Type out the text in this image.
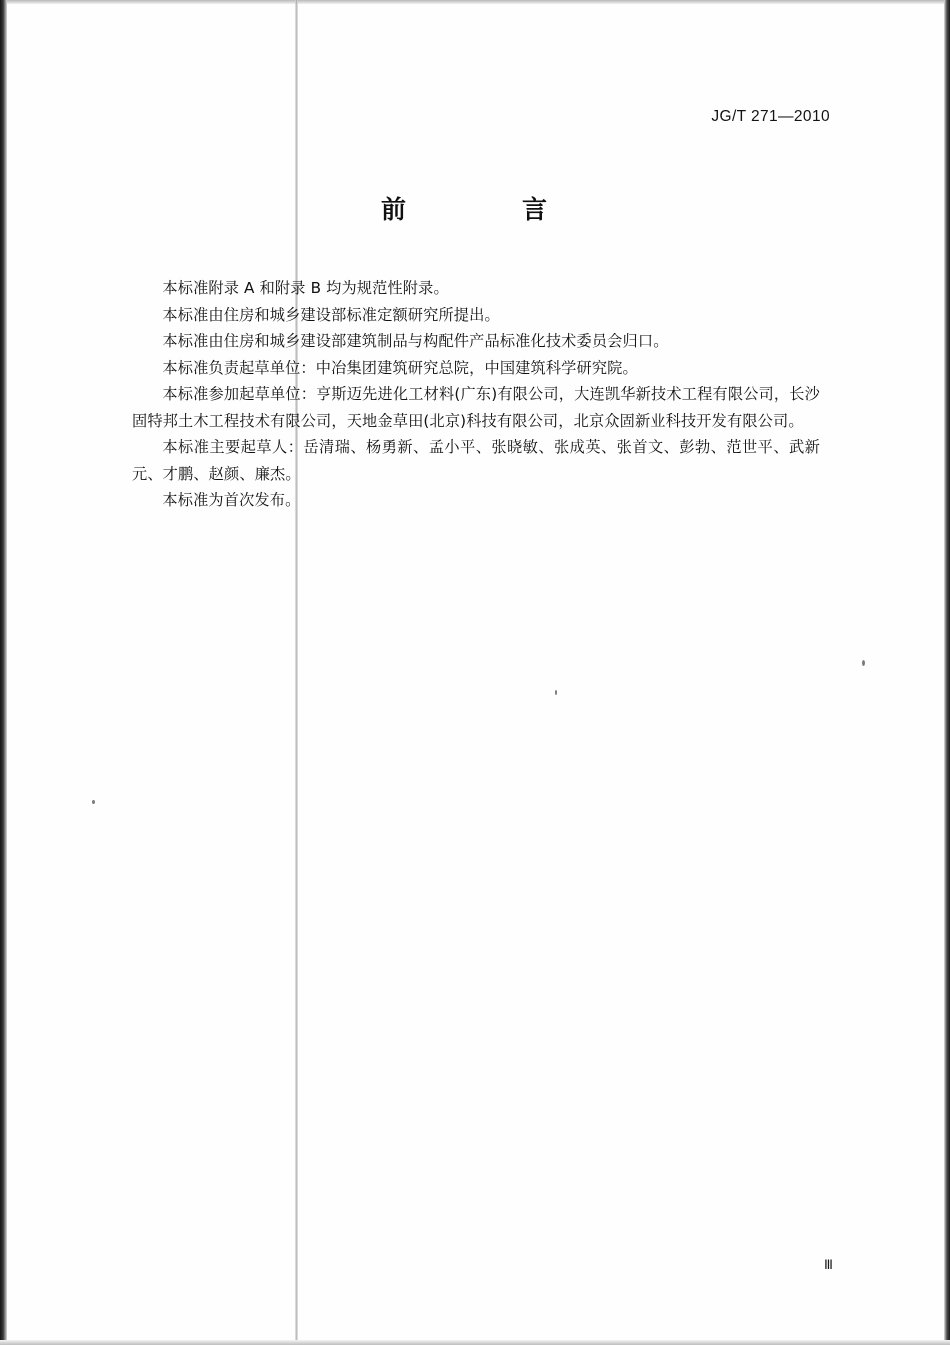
JG/T 271—2010
前　　言

本标准附录 A 和附录 B 均为规范性附录。

本标准由住房和城乡建设部标准定额研究所提出。

本标准由住房和城乡建设部建筑制品与构配件产品标准化技术委员会归口。

本标准负责起草单位：中冶集团建筑研究总院，中国建筑科学研究院。

本标准参加起草单位：亨斯迈先进化工材料(广东)有限公司，大连凯华新技术工程有限公司，长沙固特邦土木工程技术有限公司，天地金草田(北京)科技有限公司，北京众固新业科技开发有限公司。

本标准主要起草人：岳清瑞、杨勇新、孟小平、张晓敏、张成英、张首文、彭勃、范世平、武新元、才鹏、赵颜、廉杰。

本标准为首次发布。

Ⅲ
